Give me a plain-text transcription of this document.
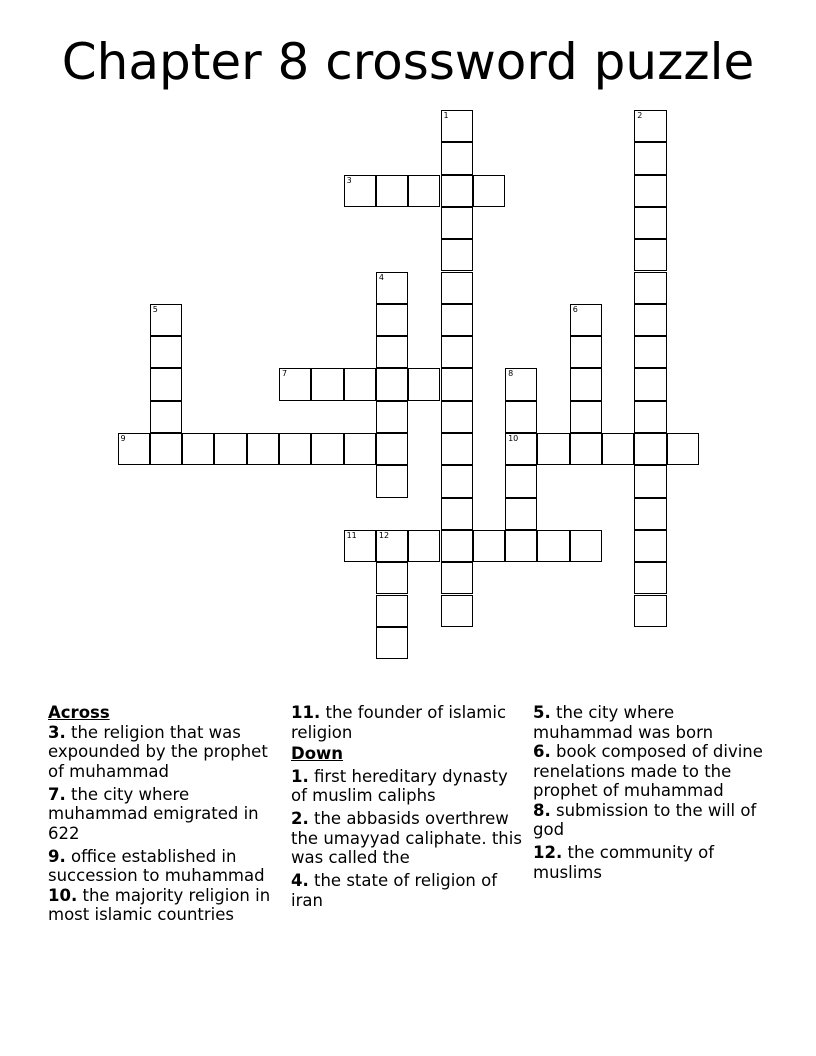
Chapter 8 crossword puzzle
1	2
3
4
5	6
7	8
10
9
11	12
Across
3. the religion that was expounded by the prophet of muhammad
7. the city where muhammad emigrated in 622
9. office established in succession to muhammad
10. the majority religion in most islamic countries
11. the founder of islamic religion
Down
1. first hereditary dynasty of muslim caliphs
2. the abbasids overthrew the umayyad caliphate. this was called the
4. the state of religion of iran
5. the city where muhammad was born
6. book composed of divine renelations made to the prophet of muhammad
8. submission to the will of god
12. the community of muslims
